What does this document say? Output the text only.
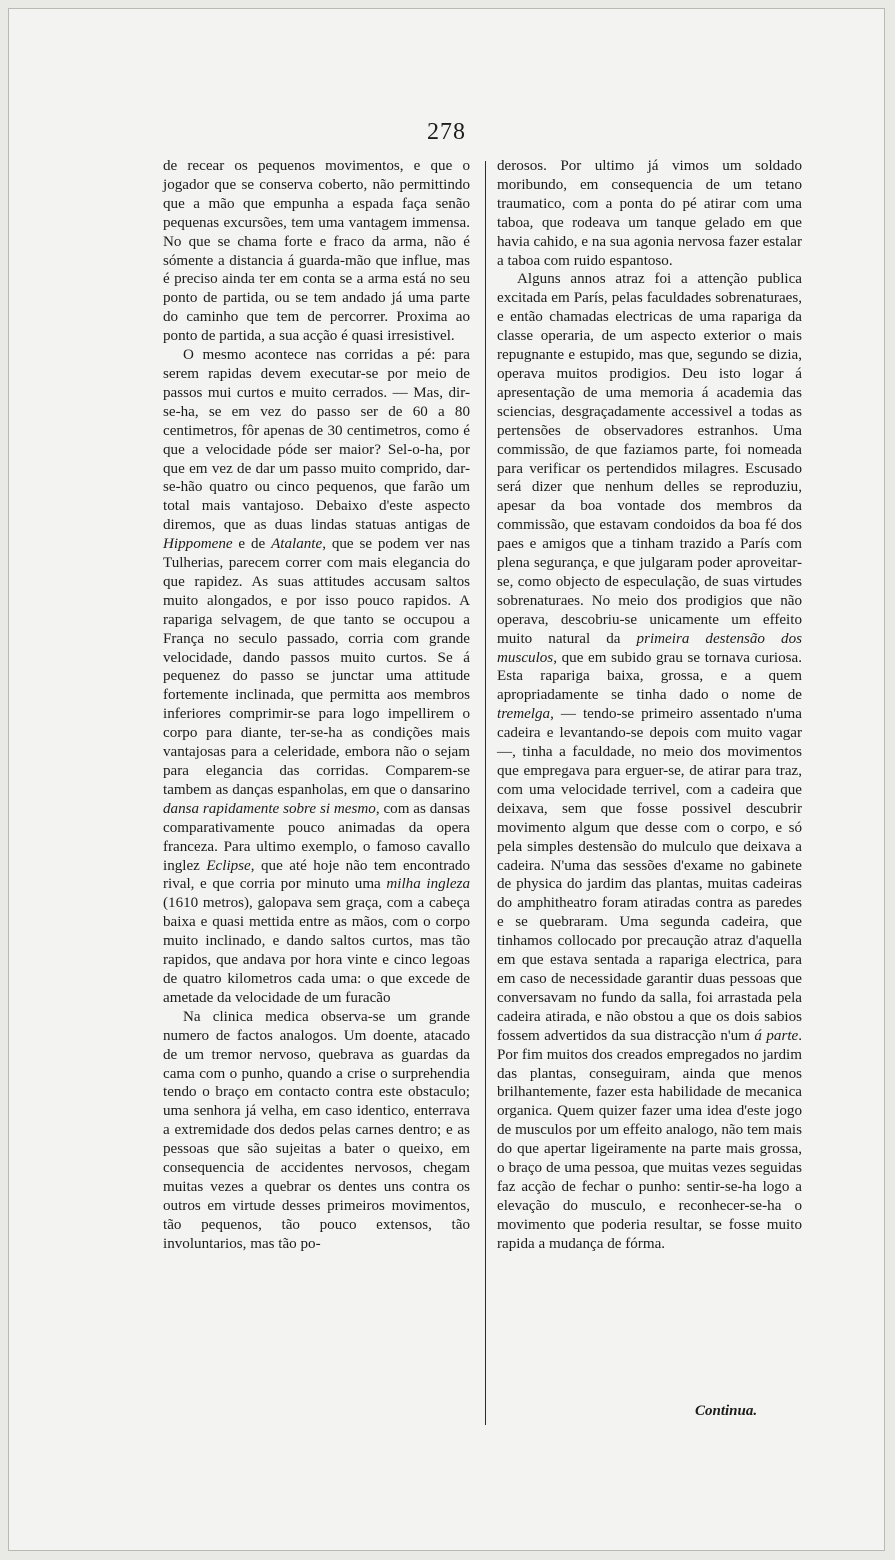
278

de recear os pequenos movimentos, e que o jogador que se conserva coberto, não permittindo que a mão que empunha a espada faça senão pequenas excursões, tem uma vantagem immensa. No que se chama forte e fraco da arma, não é sómente a distancia á guarda-mão que influe, mas é preciso ainda ter em conta se a arma está no seu ponto de partida, ou se tem andado já uma parte do caminho que tem de percorrer. Proxima ao ponto de partida, a sua acção é quasi irresistivel.

O mesmo acontece nas corridas a pé: para serem rapidas devem executar-se por meio de passos mui curtos e muito cerrados. — Mas, dir-se-ha, se em vez do passo ser de 60 a 80 centimetros, fôr apenas de 30 centimetros, como é que a velocidade póde ser maior? Sel-o-ha, por que em vez de dar um passo muito comprido, dar-se-hão quatro ou cinco pequenos, que farão um total mais vantajoso. Debaixo d'este aspecto diremos, que as duas lindas statuas antigas de Hippomene e de Atalante, que se podem ver nas Tulherias, parecem correr com mais elegancia do que rapidez. As suas attitudes accusam saltos muito alongados, e por isso pouco rapidos. A rapariga selvagem, de que tanto se occupou a França no seculo passado, corria com grande velocidade, dando passos muito curtos. Se á pequenez do passo se junctar uma attitude fortemente inclinada, que permitta aos membros inferiores comprimir-se para logo impellirem o corpo para diante, ter-se-ha as condições mais vantajosas para a celeridade, embora não o sejam para elegancia das corridas. Comparem-se tambem as danças espanholas, em que o dansarino dansa rapidamente sobre si mesmo, com as dansas comparativamente pouco animadas da opera franceza. Para ultimo exemplo, o famoso cavallo inglez Eclipse, que até hoje não tem encontrado rival, e que corria por minuto uma milha ingleza (1610 metros), galopava sem graça, com a cabeça baixa e quasi mettida entre as mãos, com o corpo muito inclinado, e dando saltos curtos, mas tão rapidos, que andava por hora vinte e cinco legoas de quatro kilometros cada uma: o que excede de ametade da velocidade de um furacão

Na clinica medica observa-se um grande numero de factos analogos. Um doente, atacado de um tremor nervoso, quebrava as guardas da cama com o punho, quando a crise o surprehendia tendo o braço em contacto contra este obstaculo; uma senhora já velha, em caso identico, enterrava a extremidade dos dedos pelas carnes dentro; e as pessoas que são sujeitas a bater o queixo, em consequencia de accidentes nervosos, chegam muitas vezes a quebrar os dentes uns contra os outros em virtude desses primeiros movimentos, tão pequenos, tão pouco extensos, tão involuntarios, mas tão po-

derosos. Por ultimo já vimos um soldado moribundo, em consequencia de um tetano traumatico, com a ponta do pé atirar com uma taboa, que rodeava um tanque gelado em que havia cahido, e na sua agonia nervosa fazer estalar a taboa com ruido espantoso.

Alguns annos atraz foi a attenção publica excitada em París, pelas faculdades sobrenaturaes, e então chamadas electricas de uma rapariga da classe operaria, de um aspecto exterior o mais repugnante e estupido, mas que, segundo se dizia, operava muitos prodigios. Deu isto logar á apresentação de uma memoria á academia das sciencias, desgraçadamente accessivel a todas as pertensões de observadores estranhos. Uma commissão, de que faziamos parte, foi nomeada para verificar os pertendidos milagres. Escusado será dizer que nenhum delles se reproduziu, apesar da boa vontade dos membros da commissão, que estavam condoidos da boa fé dos paes e amigos que a tinham trazido a París com plena segurança, e que julgaram poder aproveitar-se, como objecto de especulação, de suas virtudes sobrenaturaes. No meio dos prodigios que não operava, descobriu-se unicamente um effeito muito natural da primeira destensão dos musculos, que em subido grau se tornava curiosa. Esta rapariga baixa, grossa, e a quem apropriadamente se tinha dado o nome de tremelga, — tendo-se primeiro assentado n'uma cadeira e levantando-se depois com muito vagar —, tinha a faculdade, no meio dos movimentos que empregava para erguer-se, de atirar para traz, com uma velocidade terrivel, com a cadeira que deixava, sem que fosse possivel descubrir movimento algum que desse com o corpo, e só pela simples destensão do mulculo que deixava a cadeira. N'uma das sessões d'exame no gabinete de physica do jardim das plantas, muitas cadeiras do amphitheatro foram atiradas contra as paredes e se quebraram. Uma segunda cadeira, que tinhamos collocado por precaução atraz d'aquella em que estava sentada a rapariga electrica, para em caso de necessidade garantir duas pessoas que conversavam no fundo da salla, foi arrastada pela cadeira atirada, e não obstou a que os dois sabios fossem advertidos da sua distracção n'um á parte. Por fim muitos dos creados empregados no jardim das plantas, conseguiram, ainda que menos brilhantemente, fazer esta habilidade de mecanica organica. Quem quizer fazer uma idea d'este jogo de musculos por um effeito analogo, não tem mais do que apertar ligeiramente na parte mais grossa, o braço de uma pessoa, que muitas vezes seguidas faz acção de fechar o punho: sentir-se-ha logo a elevação do musculo, e reconhecer-se-ha o movimento que poderia resultar, se fosse muito rapida a mudança de fórma.

Continua.
